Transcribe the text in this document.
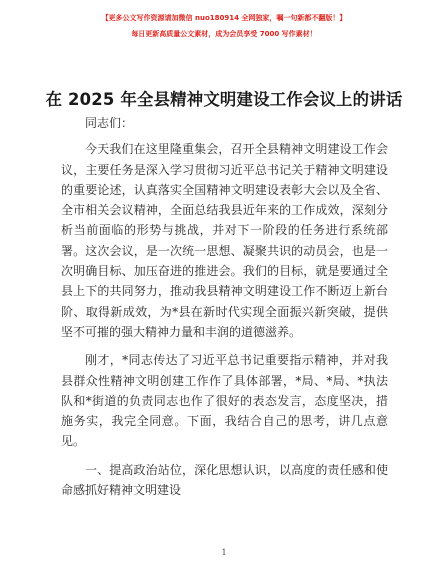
【更多公文写作资源请加微信 nuo180914 全网独家，嘱一句新都不翻版！】
每日更新高质量公文素材，成为会员享受 7000 写作素材！
在 2025 年全县精神文明建设工作会议上的讲话

同志们：

今天我们在这里隆重集会，召开全县精神文明建设工作会议，主要任务是深入学习贯彻习近平总书记关于精神文明建设的重要论述，认真落实全国精神文明建设表彰大会以及全省、全市相关会议精神，全面总结我县近年来的工作成效，深刻分析当前面临的形势与挑战，并对下一阶段的任务进行系统部署。这次会议，是一次统一思想、凝聚共识的动员会，也是一次明确目标、加压奋进的推进会。我们的目标，就是要通过全县上下的共同努力，推动我县精神文明建设工作不断迈上新台阶、取得新成效，为*县在新时代实现全面振兴新突破，提供坚不可摧的强大精神力量和丰润的道德滋养。

刚才，*同志传达了习近平总书记重要指示精神，并对我县群众性精神文明创建工作作了具体部署，*局、*局、*执法队和*街道的负责同志也作了很好的表态发言，态度坚决，措施务实，我完全同意。下面，我结合自己的思考，讲几点意见。

一、提高政治站位，深化思想认识，以高度的责任感和使命感抓好精神文明建设

1
